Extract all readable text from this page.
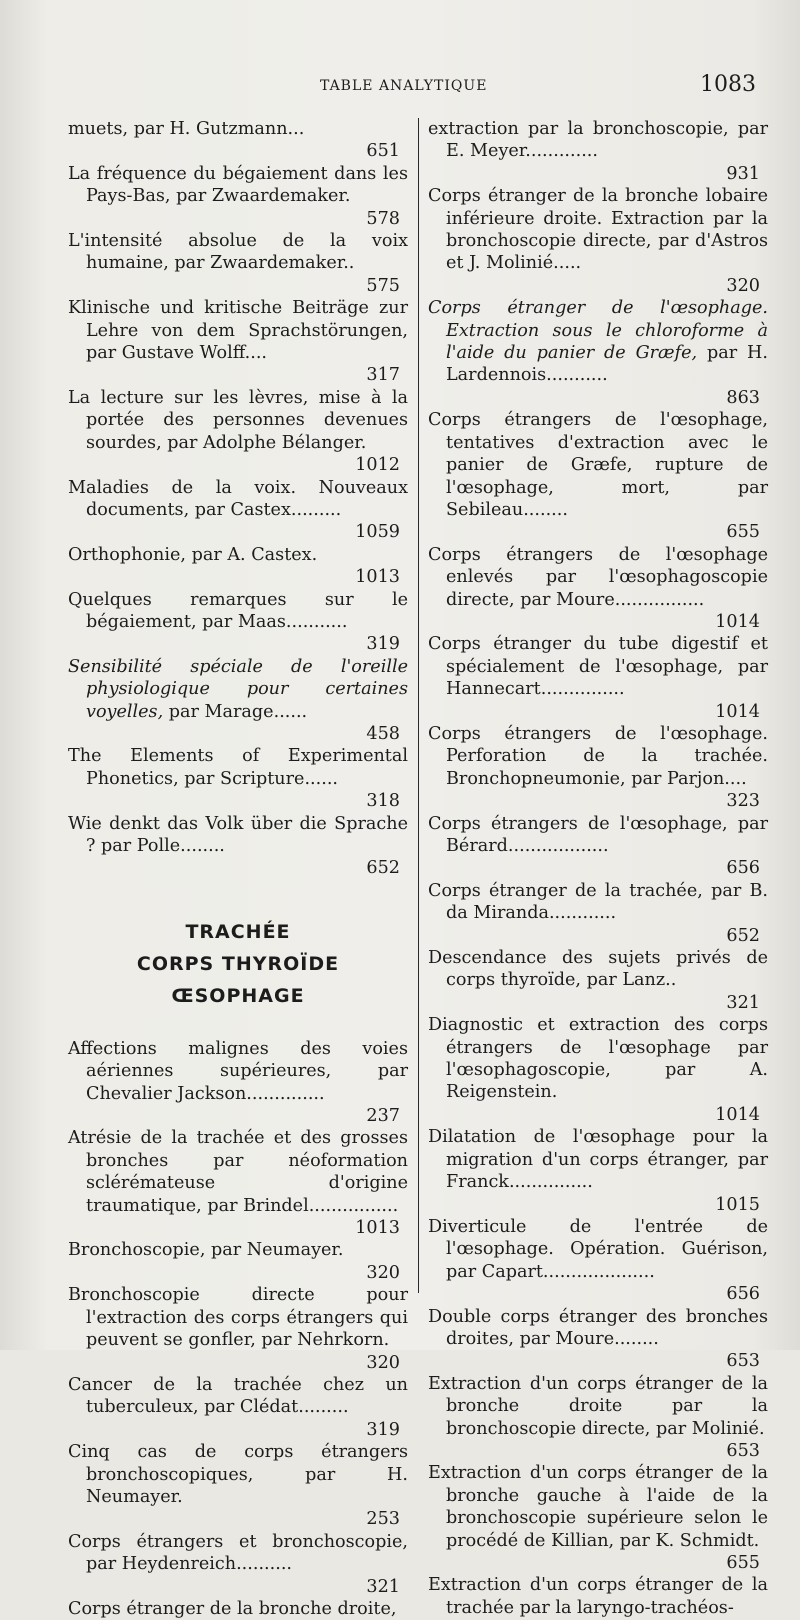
TABLE ANALYTIQUE	1083

muets, par H. Gutzmann...
651

La fréquence du bégaiement dans les Pays-Bas, par Zwaardemaker.
578

L'intensité absolue de la voix humaine, par Zwaardemaker..
575

Klinische und kritische Beiträge zur Lehre von dem Sprachstörungen, par Gustave Wolff....
317

La lecture sur les lèvres, mise à la portée des personnes devenues sourdes, par Adolphe Bélanger.
1012

Maladies de la voix. Nouveaux documents, par Castex.........
1059

Orthophonie, par A. Castex.
1013

Quelques remarques sur le bégaiement, par Maas...........
319

Sensibilité spéciale de l'oreille physiologique pour certaines voyelles, par Marage......
458

The Elements of Experimental Phonetics, par Scripture......
318

Wie denkt das Volk über die Sprache ? par Polle........
652

TRACHÉE
CORPS THYROÏDE
ŒSOPHAGE

Affections malignes des voies aériennes supérieures, par Chevalier Jackson..............
237

Atrésie de la trachée et des grosses bronches par néoformation sclérémateuse d'origine traumatique, par Brindel................
1013

Bronchoscopie, par Neumayer.
320

Bronchoscopie directe pour l'extraction des corps étrangers qui peuvent se gonfler, par Nehrkorn.
320

Cancer de la trachée chez un tuberculeux, par Clédat.........
319

Cinq cas de corps étrangers bronchoscopiques, par H. Neumayer.
253

Corps étrangers et bronchoscopie, par Heydenreich..........
321

Corps étranger de la bronche droite,

extraction par la bronchoscopie, par E. Meyer.............
931

Corps étranger de la bronche lobaire inférieure droite. Extraction par la bronchoscopie directe, par d'Astros et J. Molinié.....
320

Corps étranger de l'œsophage. Extraction sous le chloroforme à l'aide du panier de Græfe, par H. Lardennois...........
863

Corps étrangers de l'œsophage, tentatives d'extraction avec le panier de Græfe, rupture de l'œsophage, mort, par Sebileau........
655

Corps étrangers de l'œsophage enlevés par l'œsophagoscopie directe, par Moure................
1014

Corps étranger du tube digestif et spécialement de l'œsophage, par Hannecart...............
1014

Corps étrangers de l'œsophage. Perforation de la trachée. Bronchopneumonie, par Parjon....
323

Corps étrangers de l'œsophage, par Bérard..................
656

Corps étranger de la trachée, par B. da Miranda............
652

Descendance des sujets privés de corps thyroïde, par Lanz..
321

Diagnostic et extraction des corps étrangers de l'œsophage par l'œsophagoscopie, par A. Reigenstein.
1014

Dilatation de l'œsophage pour la migration d'un corps étranger, par Franck...............
1015

Diverticule de l'entrée de l'œsophage. Opération. Guérison, par Capart....................
656

Double corps étranger des bronches droites, par Moure........
653

Extraction d'un corps étranger de la bronche droite par la bronchoscopie directe, par Molinié.
653

Extraction d'un corps étranger de la bronche gauche à l'aide de la bronchoscopie supérieure selon le procédé de Killian, par K. Schmidt.
655

Extraction d'un corps étranger de la trachée par la laryngo-trachéos-
